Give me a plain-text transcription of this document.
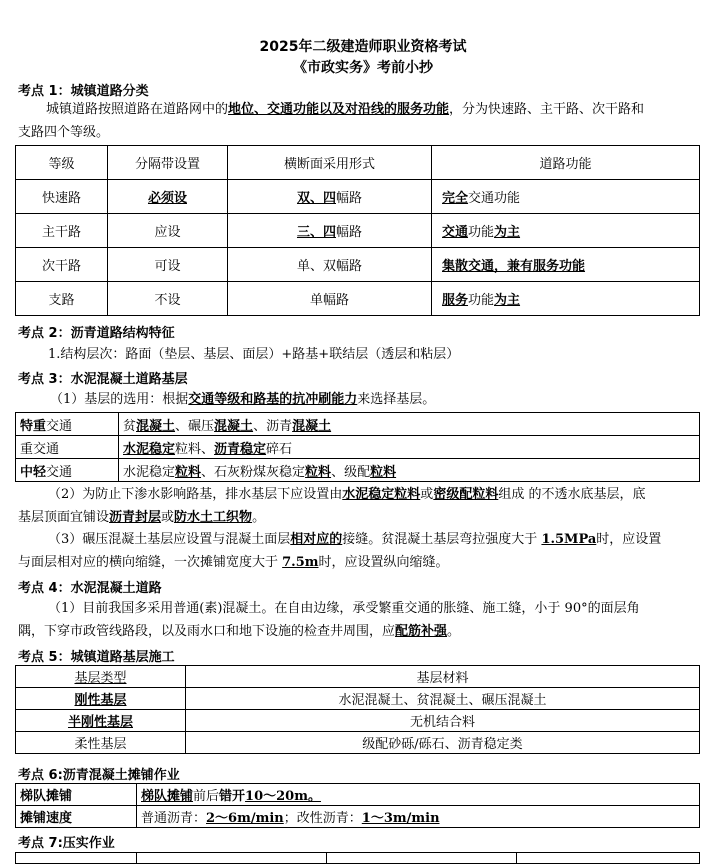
2025年二级建造师职业资格考试
《市政实务》考前小抄
考点 1：城镇道路分类
城镇道路按照道路在道路网中的地位、交通功能以及对沿线的服务功能，分为快速路、主干路、次干路和
支路四个等级。
等级	分隔带设置	横断面采用形式	道路功能
快速路	必须设	双、四幅路	完全交通功能
主干路	应设	三、四幅路	交通功能为主
次干路	可设	单、双幅路	集散交通，兼有服务功能
支路	不设	单幅路	服务功能为主
考点 2：沥青道路结构特征
1.结构层次：路面（垫层、基层、面层）+路基+联结层（透层和粘层）
考点 3：水泥混凝土道路基层
（1）基层的选用：根据交通等级和路基的抗冲刷能力来选择基层。
特重交通	贫混凝土、碾压混凝土、沥青混凝土
重交通	水泥稳定粒料、沥青稳定碎石
中轻交通	水泥稳定粒料、石灰粉煤灰稳定粒料、级配粒料
（2）为防止下渗水影响路基，排水基层下应设置由水泥稳定粒料或密级配粒料组成 的不透水底基层，底
基层顶面宜铺设沥青封层或防水土工织物。
（3）碾压混凝土基层应设置与混凝土面层相对应的接缝。贫混凝土基层弯拉强度大于 1.5MPa时，应设置
与面层相对应的横向缩缝，一次摊铺宽度大于 7.5m时，应设置纵向缩缝。
考点 4：水泥混凝土道路
（1）目前我国多采用普通(素)混凝土。在自由边缘，承受繁重交通的胀缝、施工缝，小于 90°的面层角
隅，下穿市政管线路段，以及雨水口和地下设施的检查井周围，应配筋补强。
考点 5：城镇道路基层施工
基层类型	基层材料
刚性基层	水泥混凝土、贫混凝土、碾压混凝土
半刚性基层	无机结合料
柔性基层	级配砂砾/砾石、沥青稳定类
考点 6:沥青混凝土摊铺作业
梯队摊铺	梯队摊铺前后错开10～20m。
摊铺速度	普通沥青：2～6m/min；改性沥青：1～3m/min
考点 7:压实作业
